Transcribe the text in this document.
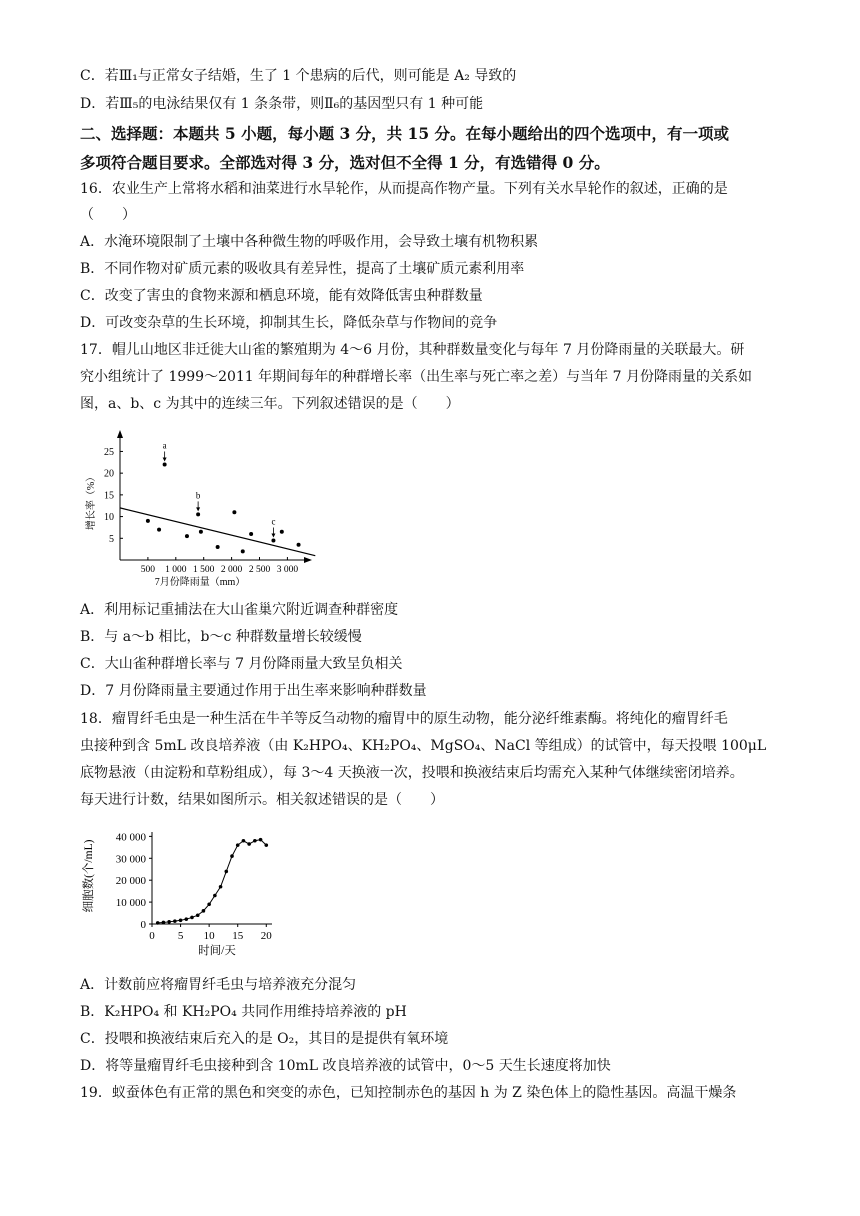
C．若Ⅲ₁与正常女子结婚，生了 1 个患病的后代，则可能是 A₂ 导致的
D．若Ⅲ₅的电泳结果仅有 1 条条带，则Ⅱ₆的基因型只有 1 种可能
二、选择题：本题共 5 小题，每小题 3 分，共 15 分。在每小题给出的四个选项中，有一项或
多项符合题目要求。全部选对得 3 分，选对但不全得 1 分，有选错得 0 分。
16．农业生产上常将水稻和油菜进行水旱轮作，从而提高作物产量。下列有关水旱轮作的叙述，正确的是
（　　）
A．水淹环境限制了土壤中各种微生物的呼吸作用，会导致土壤有机物积累
B．不同作物对矿质元素的吸收具有差异性，提高了土壤矿质元素利用率
C．改变了害虫的食物来源和栖息环境，能有效降低害虫种群数量
D．可改变杂草的生长环境，抑制其生长，降低杂草与作物间的竞争
17．帽儿山地区非迁徙大山雀的繁殖期为 4～6 月份，其种群数量变化与每年 7 月份降雨量的关联最大。研
究小组统计了 1999～2011 年期间每年的种群增长率（出生率与死亡率之差）与当年 7 月份降雨量的关系如
图，a、b、c 为其中的连续三年。下列叙述错误的是（　　）
5
10
15
20
25
500 1 000 1 500 2 000 2 500 3 000
增长率（%）
7月份降雨量（mm）
a
b
c
A．利用标记重捕法在大山雀巢穴附近调查种群密度
B．与 a～b 相比，b～c 种群数量增长较缓慢
C．大山雀种群增长率与 7 月份降雨量大致呈负相关
D．7 月份降雨量主要通过作用于出生率来影响种群数量
18．瘤胃纤毛虫是一种生活在牛羊等反刍动物的瘤胃中的原生动物，能分泌纤维素酶。将纯化的瘤胃纤毛
虫接种到含 5mL 改良培养液（由 K₂HPO₄、KH₂PO₄、MgSO₄、NaCl 等组成）的试管中，每天投喂 100μL
底物悬液（由淀粉和草粉组成），每 3～4 天换液一次，投喂和换液结束后均需充入某种气体继续密闭培养。
每天进行计数，结果如图所示。相关叙述错误的是（　　）
0
10 000
20 000
30 000
40 000
0 5 10 15 20
细胞数(个/mL)
时间/天
A．计数前应将瘤胃纤毛虫与培养液充分混匀
B．K₂HPO₄ 和 KH₂PO₄ 共同作用维持培养液的 pH
C．投喂和换液结束后充入的是 O₂，其目的是提供有氧环境
D．将等量瘤胃纤毛虫接种到含 10mL 改良培养液的试管中，0～5 天生长速度将加快
19．蚁蚕体色有正常的黑色和突变的赤色，已知控制赤色的基因 h 为 Z 染色体上的隐性基因。高温干燥条
